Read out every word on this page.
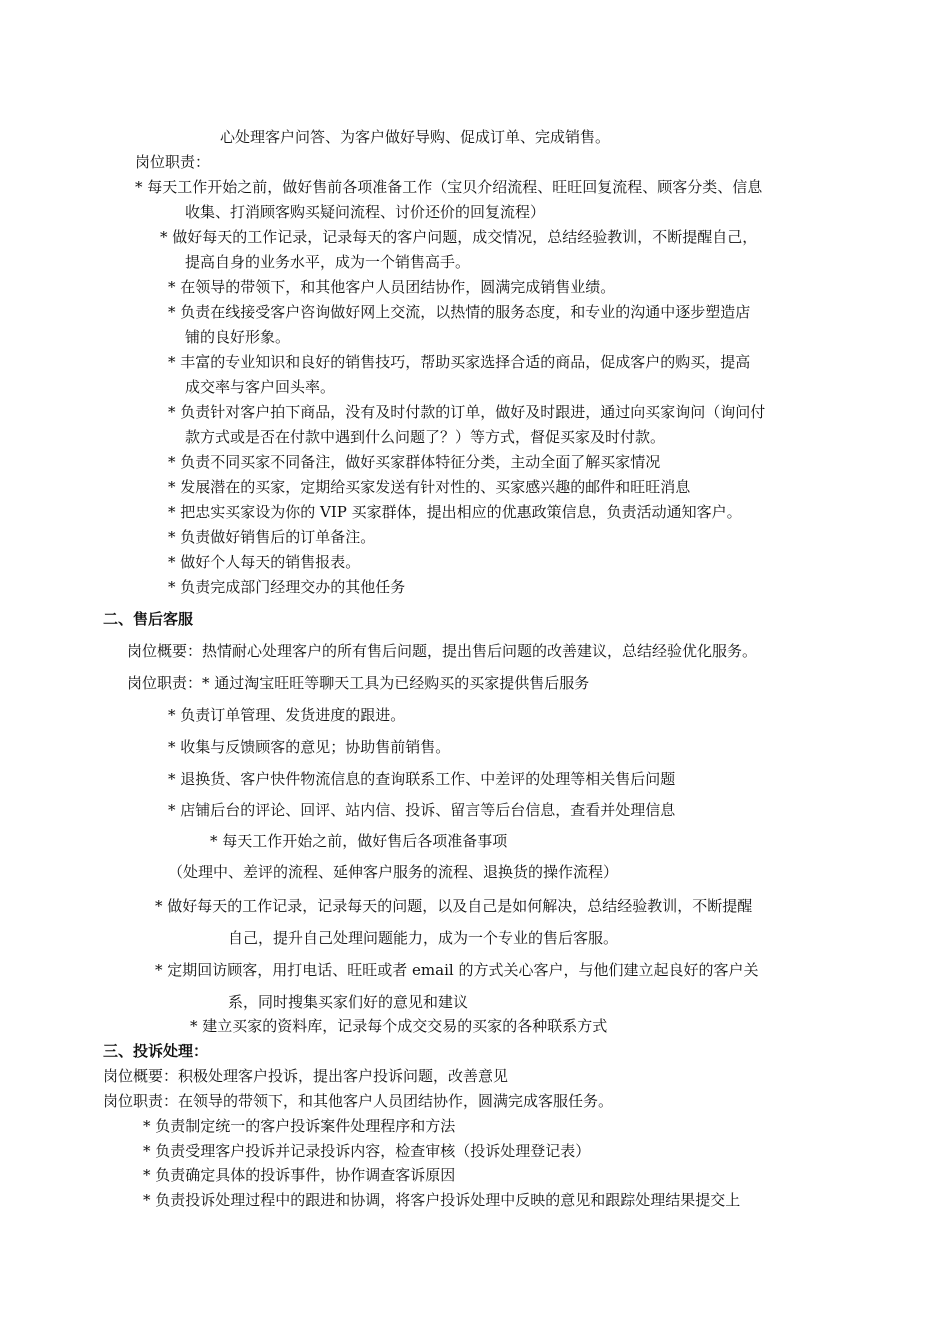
心处理客户问答、为客户做好导购、促成订单、完成销售。
岗位职责：
* 每天工作开始之前，做好售前各项准备工作（宝贝介绍流程、旺旺回复流程、顾客分类、信息
收集、打消顾客购买疑问流程、讨价还价的回复流程）
* 做好每天的工作记录，记录每天的客户问题，成交情况，总结经验教训，不断提醒自己，
提高自身的业务水平，成为一个销售高手。
* 在领导的带领下，和其他客户人员团结协作，圆满完成销售业绩。
* 负责在线接受客户咨询做好网上交流，以热情的服务态度，和专业的沟通中逐步塑造店
铺的良好形象。
* 丰富的专业知识和良好的销售技巧，帮助买家选择合适的商品，促成客户的购买，提高
成交率与客户回头率。
* 负责针对客户拍下商品，没有及时付款的订单，做好及时跟进，通过向买家询问（询问付
款方式或是否在付款中遇到什么问题了？）等方式，督促买家及时付款。
* 负责不同买家不同备注，做好买家群体特征分类，主动全面了解买家情况
* 发展潜在的买家，定期给买家发送有针对性的、买家感兴趣的邮件和旺旺消息
* 把忠实买家设为你的 VIP 买家群体，提出相应的优惠政策信息，负责活动通知客户。
* 负责做好销售后的订单备注。
* 做好个人每天的销售报表。
* 负责完成部门经理交办的其他任务
二、售后客服
岗位概要：热情耐心处理客户的所有售后问题，提出售后问题的改善建议，总结经验优化服务。
岗位职责：* 通过淘宝旺旺等聊天工具为已经购买的买家提供售后服务
* 负责订单管理、发货进度的跟进。
* 收集与反馈顾客的意见；协助售前销售。
* 退换货、客户快件物流信息的查询联系工作、中差评的处理等相关售后问题
* 店铺后台的评论、回评、站内信、投诉、留言等后台信息，查看并处理信息
* 每天工作开始之前，做好售后各项准备事项
（处理中、差评的流程、延伸客户服务的流程、退换货的操作流程）
* 做好每天的工作记录，记录每天的问题，以及自己是如何解决，总结经验教训，不断提醒
自己，提升自己处理问题能力，成为一个专业的售后客服。
* 定期回访顾客，用打电话、旺旺或者 email 的方式关心客户，与他们建立起良好的客户关
系，同时搜集买家们好的意见和建议
* 建立买家的资料库，记录每个成交交易的买家的各种联系方式
三、投诉处理：
岗位概要：积极处理客户投诉，提出客户投诉问题，改善意见
岗位职责：在领导的带领下，和其他客户人员团结协作，圆满完成客服任务。
* 负责制定统一的客户投诉案件处理程序和方法
* 负责受理客户投诉并记录投诉内容，检查审核（投诉处理登记表）
* 负责确定具体的投诉事件，协作调查客诉原因
* 负责投诉处理过程中的跟进和协调，将客户投诉处理中反映的意见和跟踪处理结果提交上
